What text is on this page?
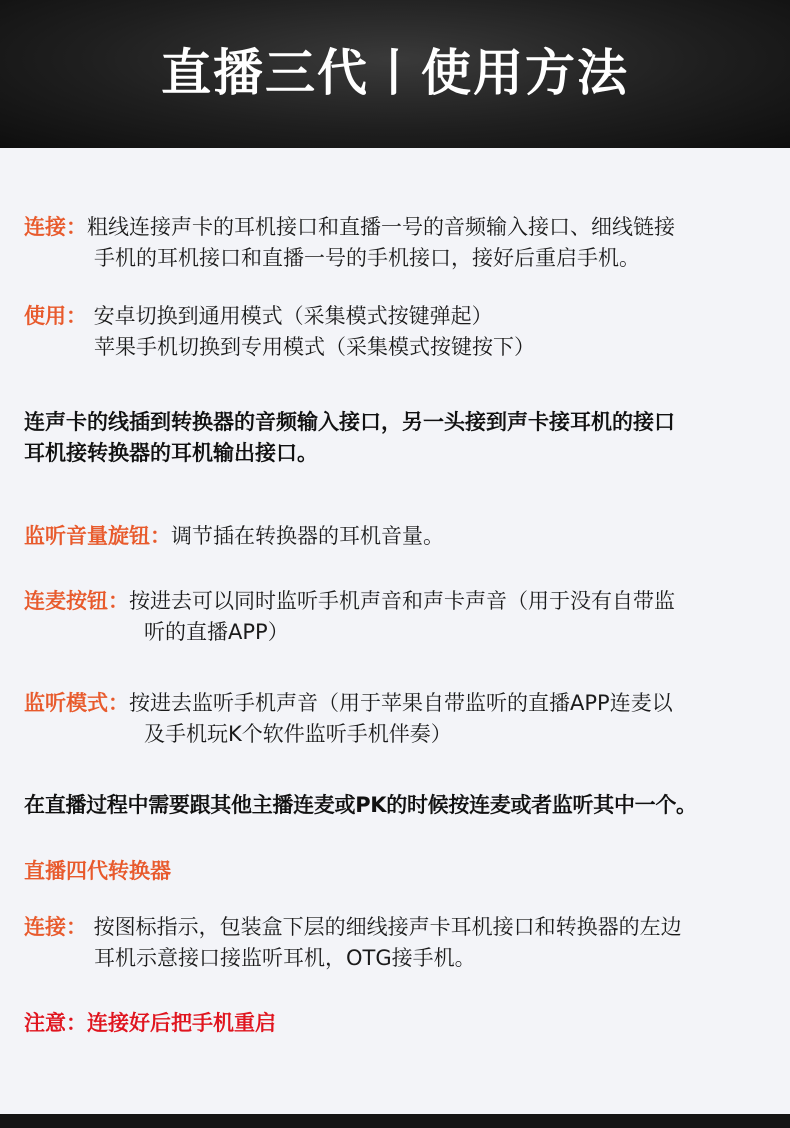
直播三代丨使用方法
连接：粗线连接声卡的耳机接口和直播一号的音频输入接口、细线链接
手机的耳机接口和直播一号的手机接口，接好后重启手机。
使用： 安卓切换到通用模式（采集模式按键弹起）
苹果手机切换到专用模式（采集模式按键按下）
连声卡的线插到转换器的音频输入接口，另一头接到声卡接耳机的接口
耳机接转换器的耳机输出接口。
监听音量旋钮：调节插在转换器的耳机音量。
连麦按钮：按进去可以同时监听手机声音和声卡声音（用于没有自带监
听的直播APP）
监听模式：按进去监听手机声音（用于苹果自带监听的直播APP连麦以
及手机玩K个软件监听手机伴奏）
在直播过程中需要跟其他主播连麦或PK的时候按连麦或者监听其中一个。
直播四代转换器
连接： 按图标指示，包装盒下层的细线接声卡耳机接口和转换器的左边
耳机示意接口接监听耳机，OTG接手机。
注意：连接好后把手机重启
